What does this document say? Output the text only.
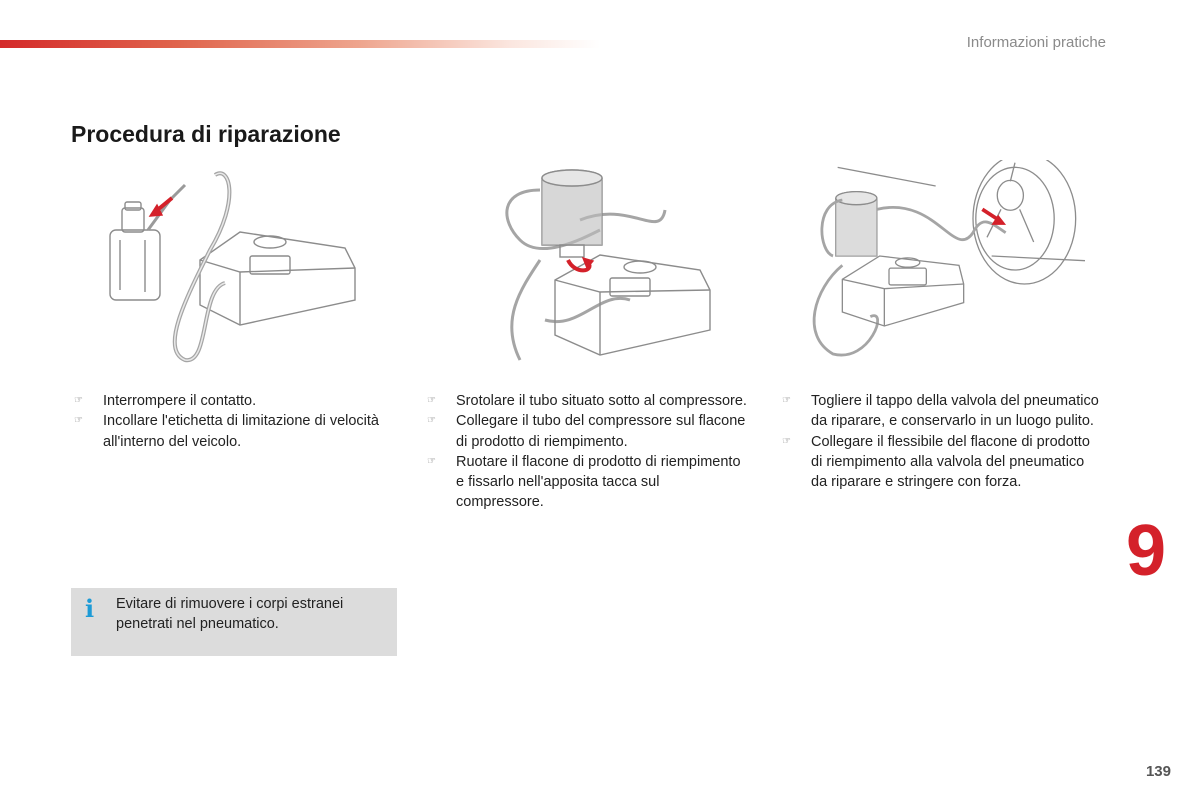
Informazioni pratiche
Procedura di riparazione
☞	Interrompere il contatto.
☞	Incollare l'etichetta di limitazione di velocità all'interno del veicolo.
☞	Srotolare il tubo situato sotto al compressore.
☞	Collegare il tubo del compressore sul flacone di prodotto di riempimento.
☞	Ruotare il flacone di prodotto di riempimento e fissarlo nell'apposita tacca sul compressore.
☞	Togliere il tappo della valvola del pneumatico da riparare, e conservarlo in un luogo pulito.
☞	Collegare il flessibile del flacone di prodotto di riempimento alla valvola del pneumatico da riparare e stringere con forza.
i Evitare di rimuovere i corpi estranei penetrati nel pneumatico.
9
139
